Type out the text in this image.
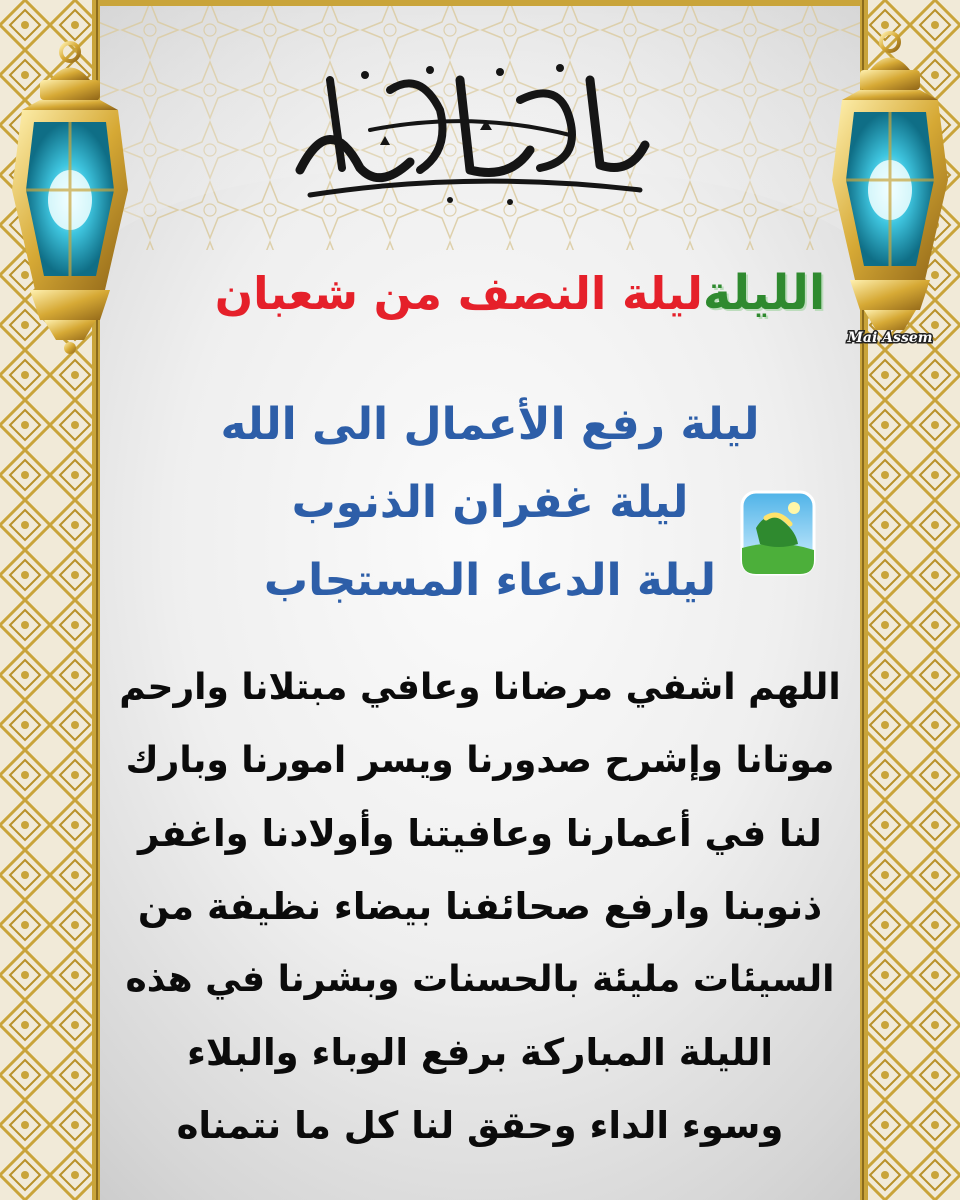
الليلةليلة النصف من شعبان
Mai Assem
ليلة رفع الأعمال الى الله
ليلة غفران الذنوب
ليلة الدعاء المستجاب
اللهم اشفي مرضانا وعافي مبتلانا وارحم
موتانا وإشرح صدورنا ويسر امورنا وبارك
لنا في أعمارنا وعافيتنا وأولادنا واغفر
ذنوبنا وارفع صحائفنا بيضاء نظيفة من
السيئات مليئة بالحسنات وبشرنا في هذه
الليلة المباركة برفع الوباء والبلاء
وسوء الداء وحقق لنا كل ما نتمناه
